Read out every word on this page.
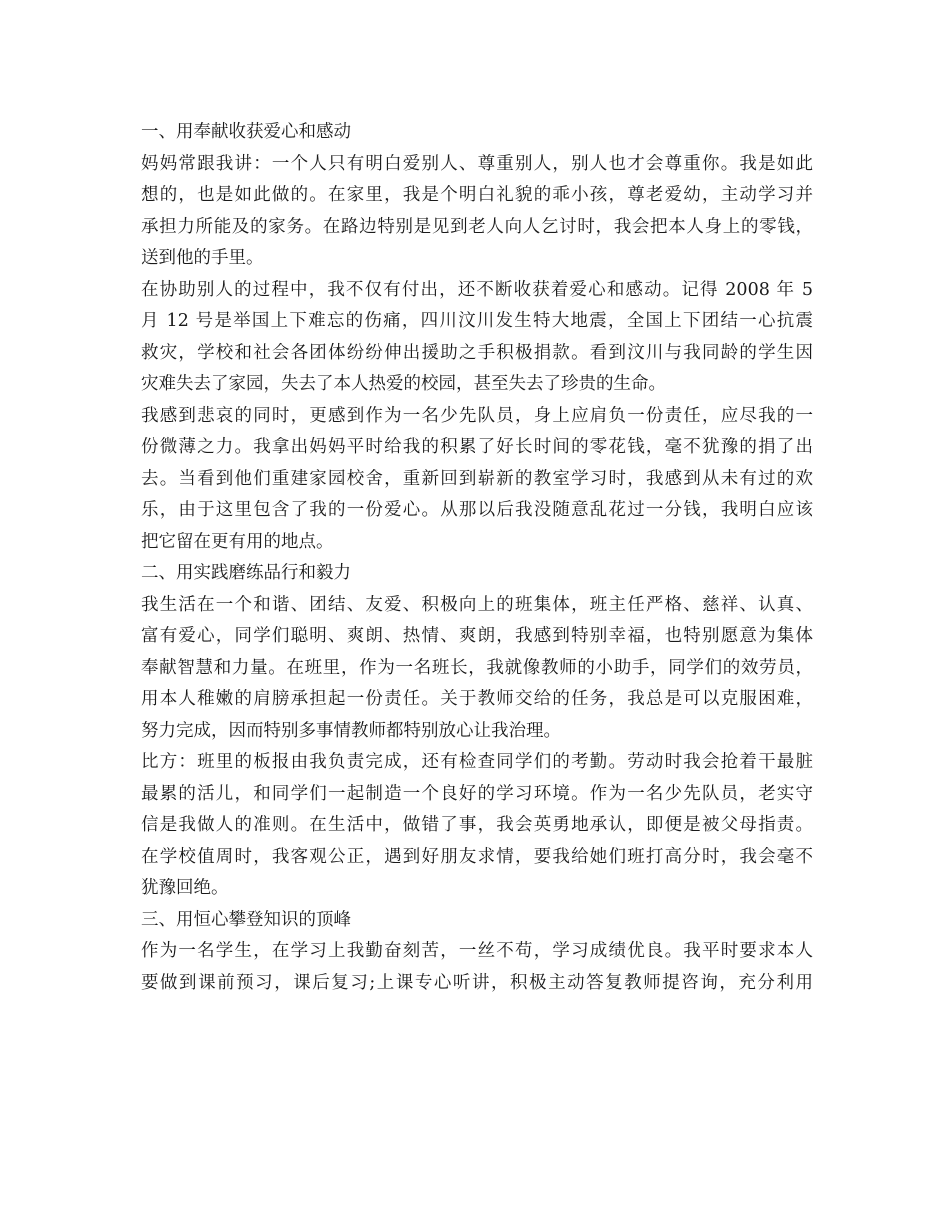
一、用奉献收获爱心和感动
妈妈常跟我讲：一个人只有明白爱别人、尊重别人，别人也才会尊重你。我是如此
想的，也是如此做的。在家里，我是个明白礼貌的乖小孩，尊老爱幼，主动学习并
承担力所能及的家务。在路边特别是见到老人向人乞讨时，我会把本人身上的零钱，
送到他的手里。
在协助别人的过程中，我不仅有付出，还不断收获着爱心和感动。记得 2008 年 5
月 12 号是举国上下难忘的伤痛，四川汶川发生特大地震，全国上下团结一心抗震
救灾，学校和社会各团体纷纷伸出援助之手积极捐款。看到汶川与我同龄的学生因
灾难失去了家园，失去了本人热爱的校园，甚至失去了珍贵的生命。
我感到悲哀的同时，更感到作为一名少先队员，身上应肩负一份责任，应尽我的一
份微薄之力。我拿出妈妈平时给我的积累了好长时间的零花钱，毫不犹豫的捐了出
去。当看到他们重建家园校舍，重新回到崭新的教室学习时，我感到从未有过的欢
乐，由于这里包含了我的一份爱心。从那以后我没随意乱花过一分钱，我明白应该
把它留在更有用的地点。
二、用实践磨练品行和毅力
我生活在一个和谐、团结、友爱、积极向上的班集体，班主任严格、慈祥、认真、
富有爱心，同学们聪明、爽朗、热情、爽朗，我感到特别幸福，也特别愿意为集体
奉献智慧和力量。在班里，作为一名班长，我就像教师的小助手，同学们的效劳员，
用本人稚嫩的肩膀承担起一份责任。关于教师交给的任务，我总是可以克服困难，
努力完成，因而特别多事情教师都特别放心让我治理。
比方：班里的板报由我负责完成，还有检查同学们的考勤。劳动时我会抢着干最脏
最累的活儿，和同学们一起制造一个良好的学习环境。作为一名少先队员，老实守
信是我做人的准则。在生活中，做错了事，我会英勇地承认，即便是被父母指责。
在学校值周时，我客观公正，遇到好朋友求情，要我给她们班打高分时，我会毫不
犹豫回绝。
三、用恒心攀登知识的顶峰
作为一名学生，在学习上我勤奋刻苦，一丝不苟，学习成绩优良。我平时要求本人
要做到课前预习，课后复习;上课专心听讲，积极主动答复教师提咨询，充分利用
